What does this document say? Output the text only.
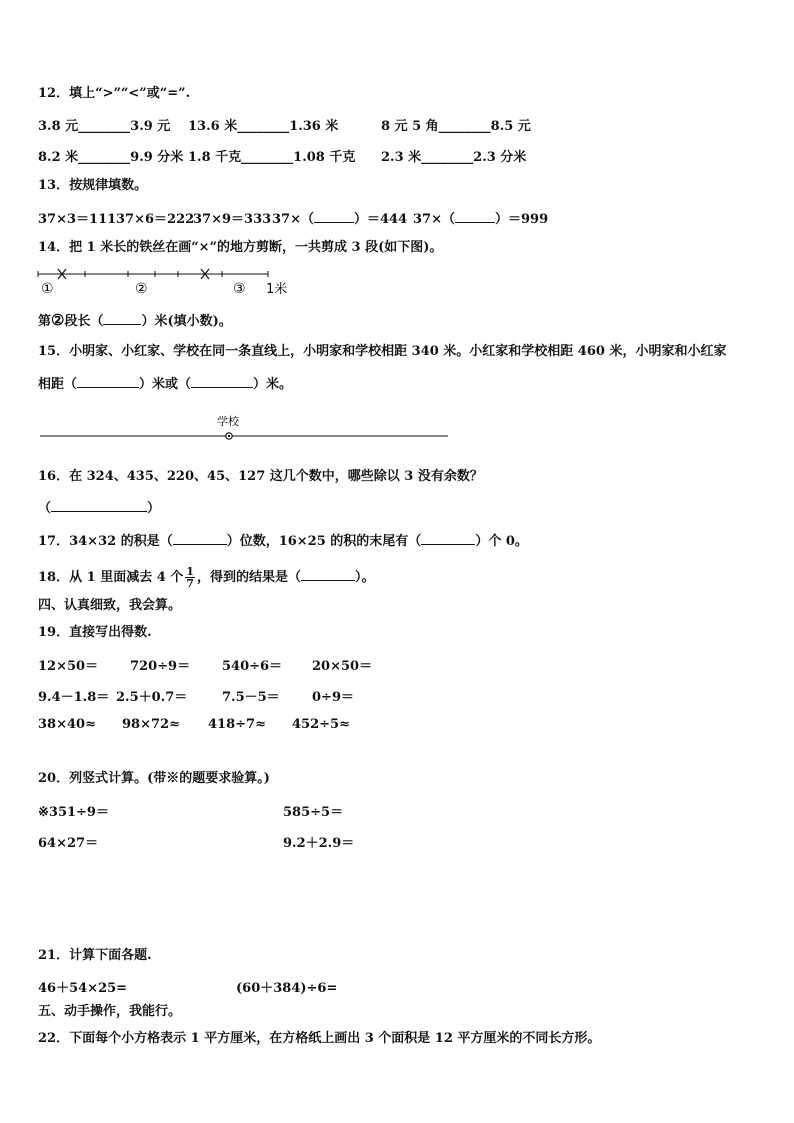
12．填上“>”“<”或“=”.
3.8 元________3.9 元 13.6 米________1.36 米	8 元 5 角________8.5 元
8.2 米________9.9 分米 1.8 千克________1.08 千克 2.3 米________2.3 分米
13．按规律填数。
37×3＝111 37×6＝222
37×9＝333 37×（	）＝444 37×（	）＝999
14．把 1 米长的铁丝在画“×”的地方剪断，一共剪成 3 段(如下图)。
①	②	③ 1米
第②段长（	）米(填小数)。
15．小明家、小红家、学校在同一条直线上，小明家和学校相距 340 米。小红家和学校相距 460 米，小明家和小红家
相距（	）米或（	）米。
学校
16．在 324、435、220、45、127 这几个数中，哪些除以 3 没有余数？
（	）
17．34×32 的积是（	）位数，16×25 的积的末尾有（	）个 0。
18．从 1 里面减去 4 个 $\frac{1}{7}$ ，得到的结果是（	）。
四、认真细致，我会算。
19．直接写出得数.
12×50＝ 720÷9＝ 540÷6＝ 20×50＝
9.4－1.8＝ 2.5＋0.7＝	7.5－5＝ 0÷9＝
38×40≈ 98×72≈ 418÷7≈ 452÷5≈
20．列竖式计算。(带※的题要求验算。)
※351÷9＝	585÷5＝
64×27＝	9.2＋2.9＝
21．计算下面各题.
46＋54×25=	(60＋384)÷6=
五、动手操作，我能行。
22．下面每个小方格表示 1 平方厘米，在方格纸上画出 3 个面积是 12 平方厘米的不同长方形。
